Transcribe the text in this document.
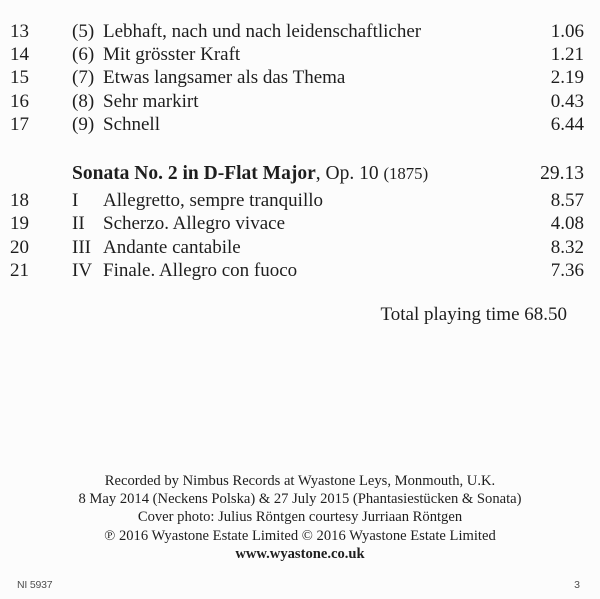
13	(5) Lebhaft, nach und nach leidenschaftlicher	1.06
14	(6) Mit grösster Kraft	1.21
15	(7) Etwas langsamer als das Thema	2.19
16	(8) Sehr markirt	0.43
17	(9) Schnell	6.44
Sonata No. 2 in D-Flat Major, Op. 10 (1875)	29.13
18	I	Allegretto, sempre tranquillo	8.57
19	II Scherzo. Allegro vivace	4.08
20	III Andante cantabile	8.32
21	IV Finale. Allegro con fuoco	7.36
Total playing time 68.50
Recorded by Nimbus Records at Wyastone Leys, Monmouth, U.K.
8 May 2014 (Neckens Polska) & 27 July 2015 (Phantasiestücken & Sonata)
Cover photo: Julius Röntgen courtesy Jurriaan Röntgen
℗ 2016 Wyastone Estate Limited © 2016 Wyastone Estate Limited
www.wyastone.co.uk
NI 5937	3
